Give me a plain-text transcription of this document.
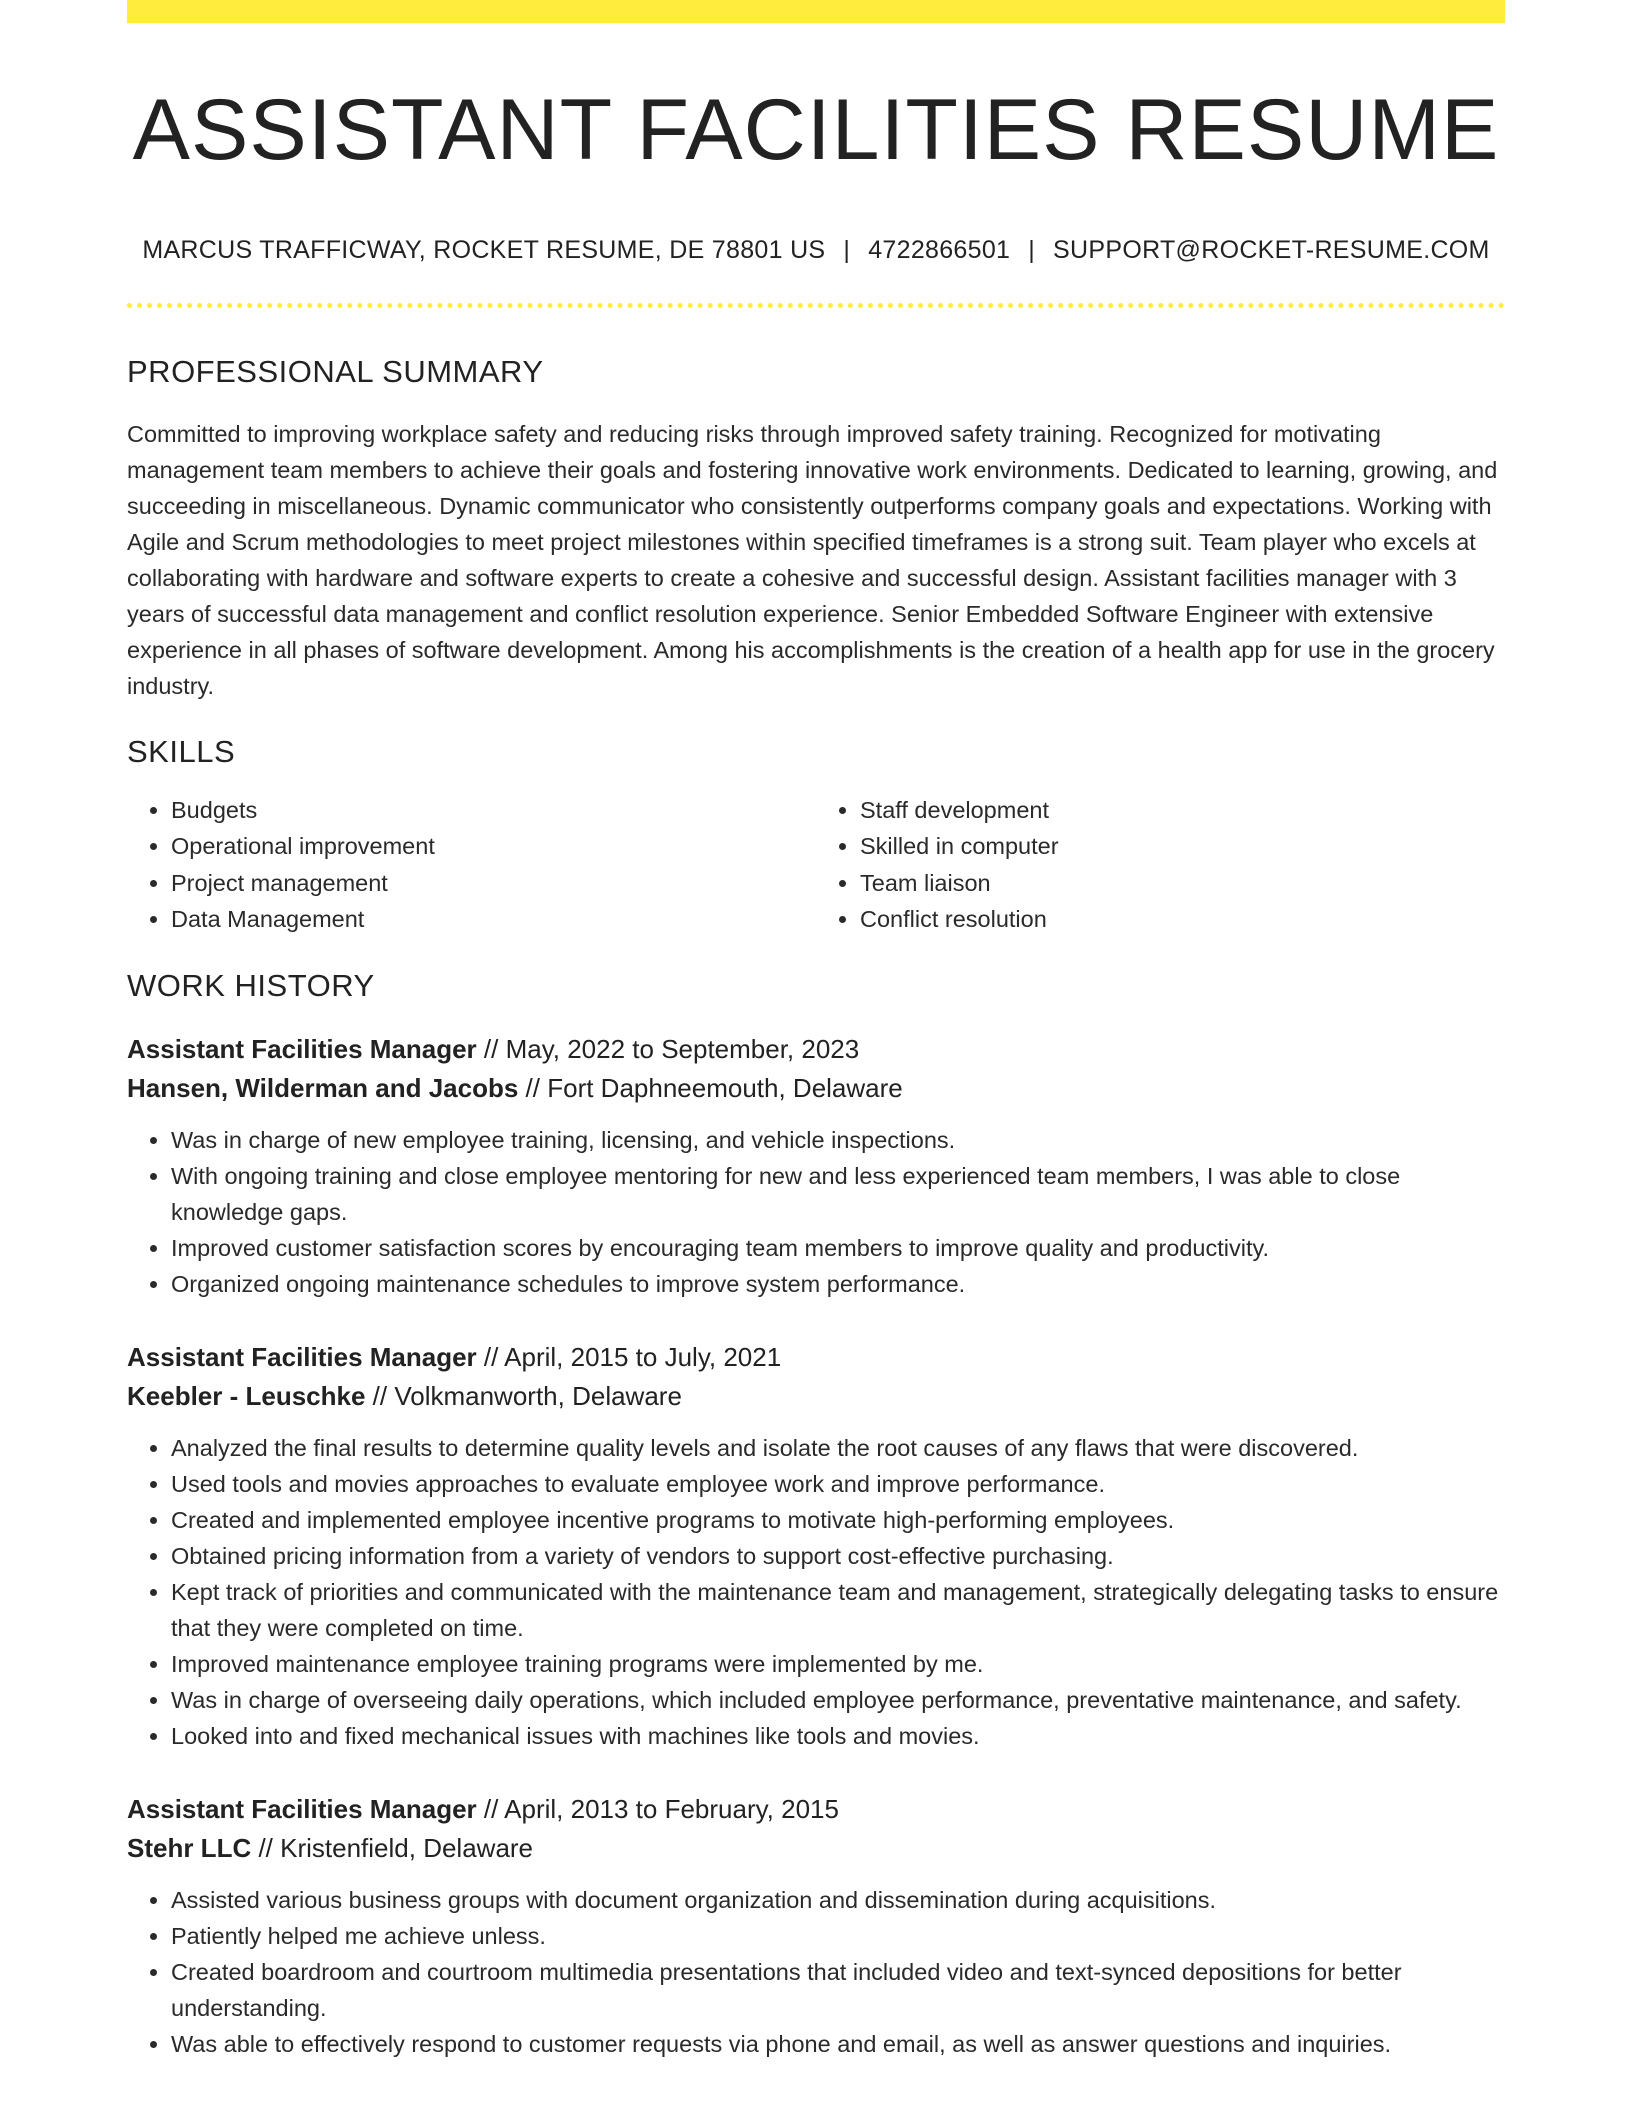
ASSISTANT FACILITIES RESUME
MARCUS TRAFFICWAY, ROCKET RESUME, DE 78801 US | 4722866501 | SUPPORT@ROCKET-RESUME.COM
PROFESSIONAL SUMMARY

Committed to improving workplace safety and reducing risks through improved safety training. Recognized for motivating management team members to achieve their goals and fostering innovative work environments. Dedicated to learning, growing, and succeeding in miscellaneous. Dynamic communicator who consistently outperforms company goals and expectations. Working with Agile and Scrum methodologies to meet project milestones within specified timeframes is a strong suit. Team player who excels at collaborating with hardware and software experts to create a cohesive and successful design. Assistant facilities manager with 3 years of successful data management and conflict resolution experience. Senior Embedded Software Engineer with extensive experience in all phases of software development. Among his accomplishments is the creation of a health app for use in the grocery industry.

SKILLS
• Budgets
• Operational improvement
• Project management
• Data Management
• Staff development
• Skilled in computer
• Team liaison
• Conflict resolution
WORK HISTORY
Assistant Facilities Manager // May, 2022 to September, 2023
Hansen, Wilderman and Jacobs // Fort Daphneemouth, Delaware
• Was in charge of new employee training, licensing, and vehicle inspections.
• With ongoing training and close employee mentoring for new and less experienced team members, I was able to close knowledge gaps.
• Improved customer satisfaction scores by encouraging team members to improve quality and productivity.
• Organized ongoing maintenance schedules to improve system performance.
Assistant Facilities Manager // April, 2015 to July, 2021
Keebler - Leuschke // Volkmanworth, Delaware
• Analyzed the final results to determine quality levels and isolate the root causes of any flaws that were discovered.
• Used tools and movies approaches to evaluate employee work and improve performance.
• Created and implemented employee incentive programs to motivate high-performing employees.
• Obtained pricing information from a variety of vendors to support cost-effective purchasing.
• Kept track of priorities and communicated with the maintenance team and management, strategically delegating tasks to ensure that they were completed on time.
• Improved maintenance employee training programs were implemented by me.
• Was in charge of overseeing daily operations, which included employee performance, preventative maintenance, and safety.
• Looked into and fixed mechanical issues with machines like tools and movies.
Assistant Facilities Manager // April, 2013 to February, 2015
Stehr LLC // Kristenfield, Delaware
• Assisted various business groups with document organization and dissemination during acquisitions.
• Patiently helped me achieve unless.
• Created boardroom and courtroom multimedia presentations that included video and text-synced depositions for better understanding.
• Was able to effectively respond to customer requests via phone and email, as well as answer questions and inquiries.
